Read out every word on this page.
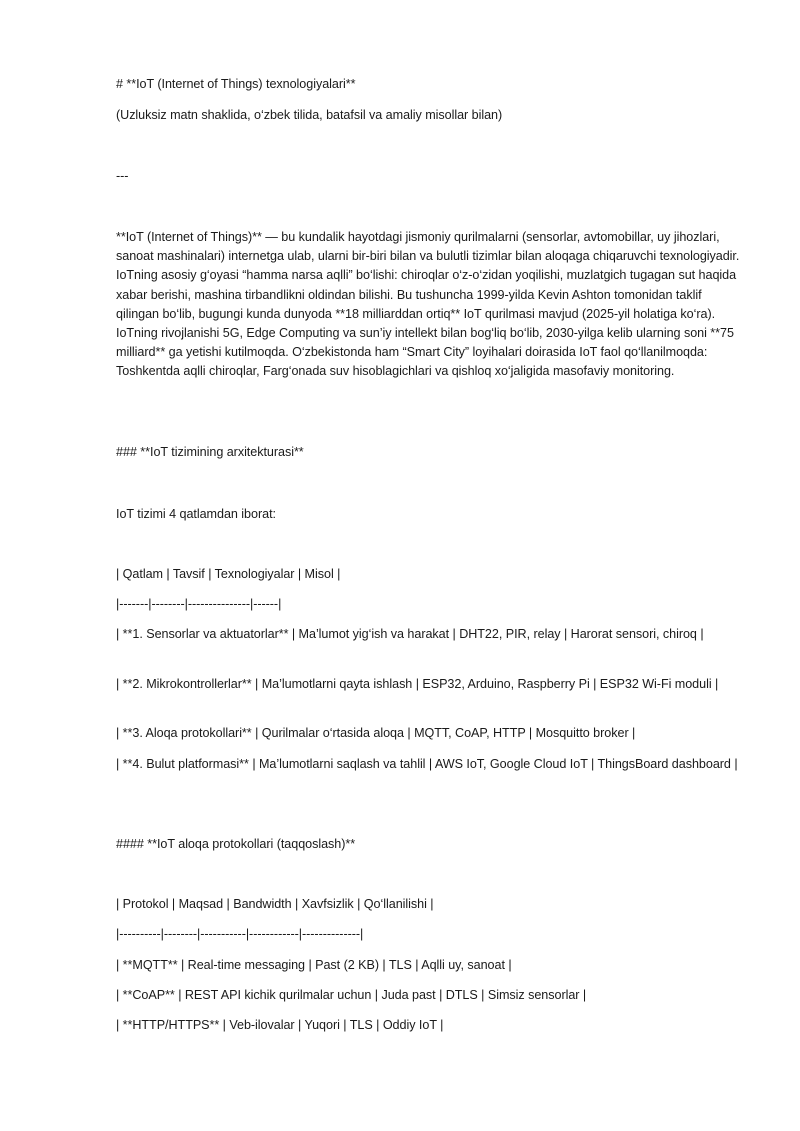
# **IoT (Internet of Things) texnologiyalari**

(Uzluksiz matn shaklida, o‘zbek tilida, batafsil va amaliy misollar bilan)

---

**IoT (Internet of Things)** — bu kundalik hayotdagi jismoniy qurilmalarni (sensorlar, avtomobillar, uy jihozlari, sanoat mashinalari) internetga ulab, ularni bir-biri bilan va bulutli tizimlar bilan aloqaga chiqaruvchi texnologiyadir. IoTning asosiy g‘oyasi “hamma narsa aqlli” bo‘lishi: chiroqlar o‘z-o‘zidan yoqilishi, muzlatgich tugagan sut haqida xabar berishi, mashina tirbandlikni oldindan bilishi. Bu tushuncha 1999-yilda Kevin Ashton tomonidan taklif qilingan bo‘lib, bugungi kunda dunyoda **18 milliarddan ortiq** IoT qurilmasi mavjud (2025-yil holatiga ko‘ra). IoTning rivojlanishi 5G, Edge Computing va sun’iy intellekt bilan bog‘liq bo‘lib, 2030-yilga kelib ularning soni **75 milliard** ga yetishi kutilmoqda. O‘zbekistonda ham “Smart City” loyihalari doirasida IoT faol qo‘llanilmoqda: Toshkentda aqlli chiroqlar, Farg‘onada suv hisoblagichlari va qishloq xo‘jaligida masofaviy monitoring.

### **IoT tizimining arxitekturasi**

IoT tizimi 4 qatlamdan iborat:

| Qatlam | Tavsif | Texnologiyalar | Misol |

|-------|--------|---------------|------|

| **1. Sensorlar va aktuatorlar** | Ma’lumot yig‘ish va harakat | DHT22, PIR, relay | Harorat sensori, chiroq |

| **2. Mikrokontrollerlar** | Ma’lumotlarni qayta ishlash | ESP32, Arduino, Raspberry Pi | ESP32 Wi-Fi moduli |

| **3. Aloqa protokollari** | Qurilmalar o‘rtasida aloqa | MQTT, CoAP, HTTP | Mosquitto broker |

| **4. Bulut platformasi** | Ma’lumotlarni saqlash va tahlil | AWS IoT, Google Cloud IoT | ThingsBoard dashboard |

#### **IoT aloqa protokollari (taqqoslash)**

| Protokol | Maqsad | Bandwidth | Xavfsizlik | Qo‘llanilishi |

|----------|--------|-----------|------------|--------------|

| **MQTT** | Real-time messaging | Past (2 KB) | TLS | Aqlli uy, sanoat |

| **CoAP** | REST API kichik qurilmalar uchun | Juda past | DTLS | Simsiz sensorlar |

| **HTTP/HTTPS** | Veb-ilovalar | Yuqori | TLS | Oddiy IoT |
